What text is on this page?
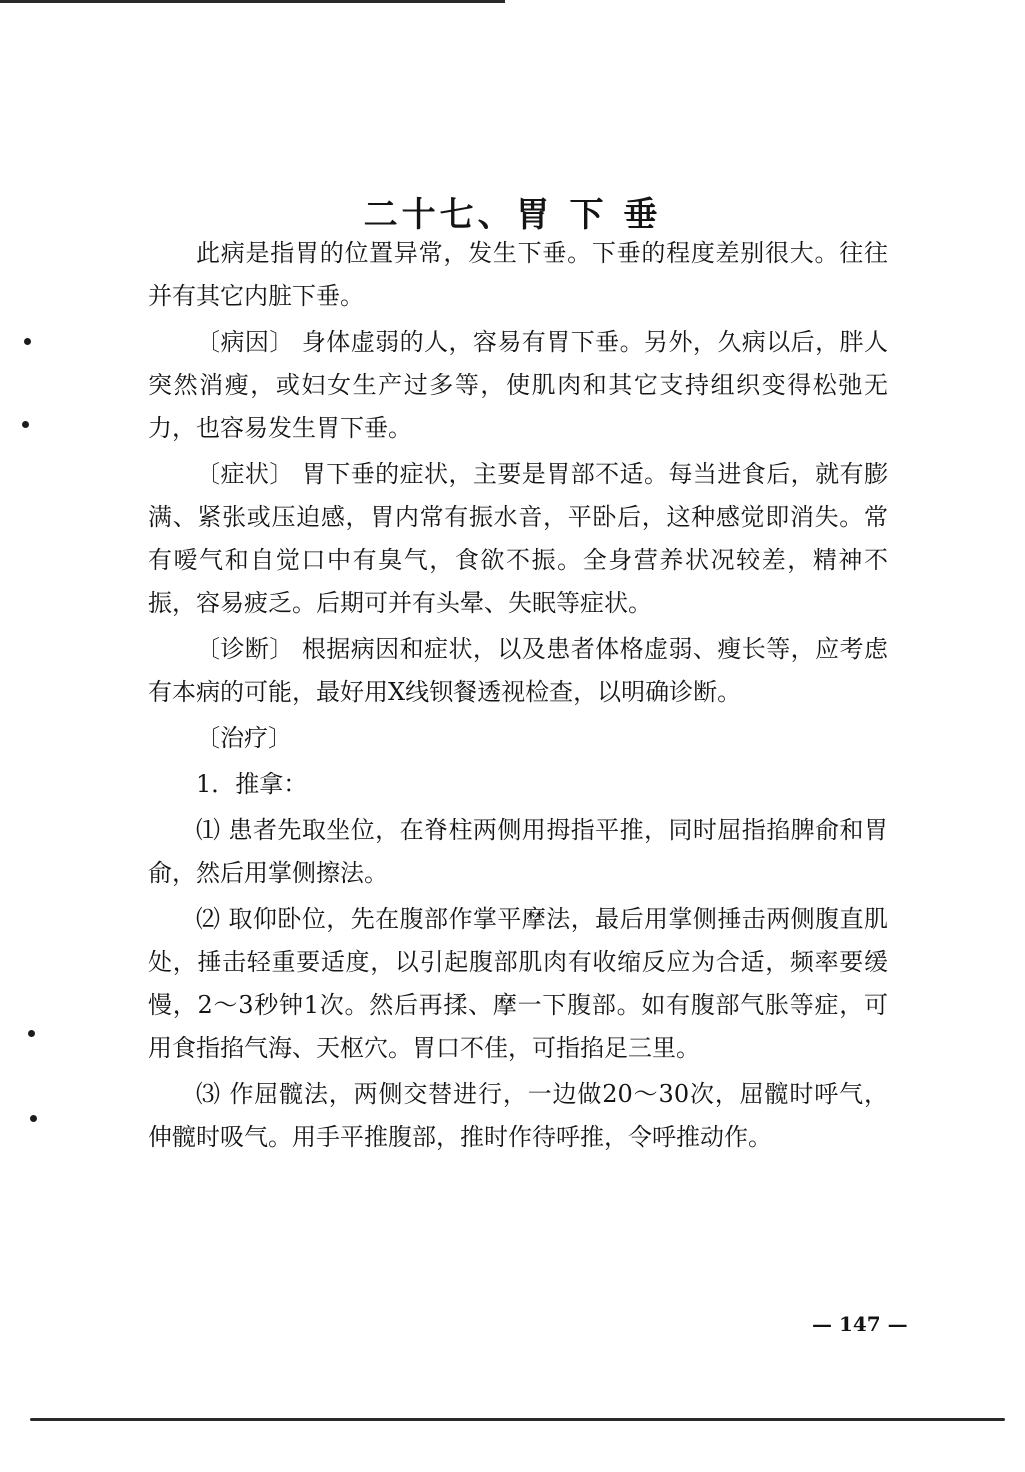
二十七、胃 下 垂

此病是指胃的位置异常，发生下垂。下垂的程度差别很大。往往并有其它内脏下垂。

〔病因〕 身体虚弱的人，容易有胃下垂。另外，久病以后，胖人突然消瘦，或妇女生产过多等，使肌肉和其它支持组织变得松弛无力，也容易发生胃下垂。

〔症状〕 胃下垂的症状，主要是胃部不适。每当进食后，就有膨满、紧张或压迫感，胃内常有振水音，平卧后，这种感觉即消失。常有嗳气和自觉口中有臭气，食欲不振。全身营养状况较差，精神不振，容易疲乏。后期可并有头晕、失眠等症状。

〔诊断〕 根据病因和症状，以及患者体格虚弱、瘦长等，应考虑有本病的可能，最好用X线钡餐透视检查，以明确诊断。

〔治疗〕

1．推拿：

⑴ 患者先取坐位，在脊柱两侧用拇指平推，同时屈指掐脾俞和胃俞，然后用掌侧擦法。

⑵ 取仰卧位，先在腹部作掌平摩法，最后用掌侧捶击两侧腹直肌处，捶击轻重要适度，以引起腹部肌肉有收缩反应为合适，频率要缓慢，2～3秒钟1次。然后再揉、摩一下腹部。如有腹部气胀等症，可用食指掐气海、天枢穴。胃口不佳，可指掐足三里。

⑶ 作屈髋法，两侧交替进行，一边做20～30次，屈髋时呼气，伸髋时吸气。用手平推腹部，推时作待呼推，令呼推动作。

— 147 —
